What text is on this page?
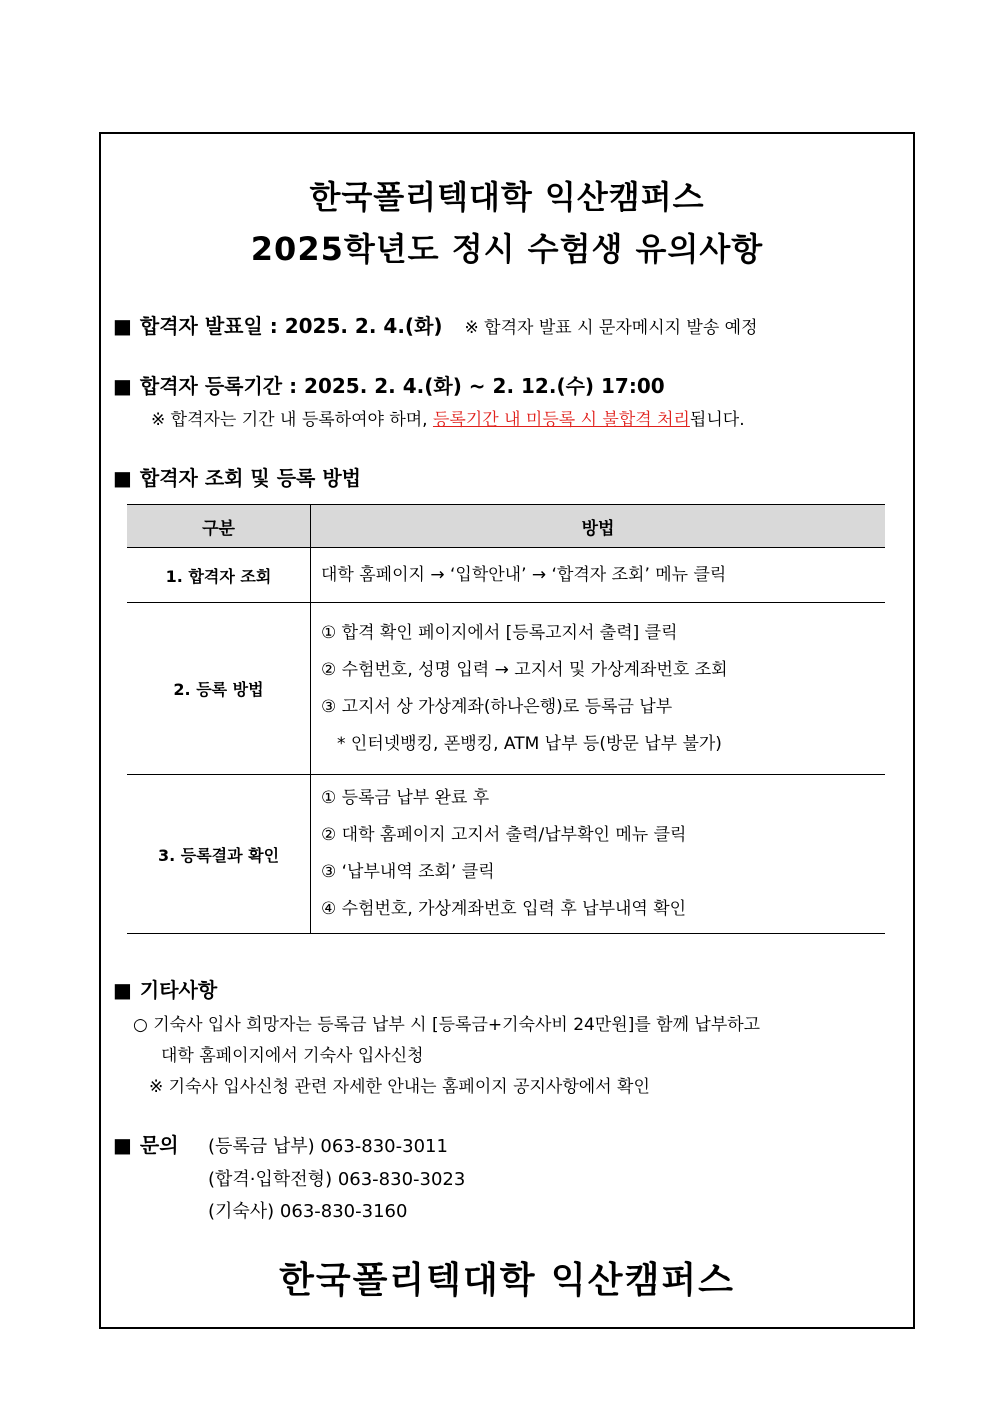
한국폴리텍대학 익산캠퍼스
2025학년도 정시 수험생 유의사항
■ 합격자 발표일 : 2025. 2. 4.(화) ※ 합격자 발표 시 문자메시지 발송 예정
■ 합격자 등록기간 : 2025. 2. 4.(화) ~ 2. 12.(수) 17:00
※ 합격자는 기간 내 등록하여야 하며, 등록기간 내 미등록 시 불합격 처리됩니다.
■ 합격자 조회 및 등록 방법
구분	방법
1. 합격자 조회	대학 홈페이지 → ‘입학안내’ → ‘합격자 조회’ 메뉴 클릭

2. 등록 방법	① 합격 확인 페이지에서 [등록고지서 출력] 클릭
② 수험번호, 성명 입력 → 고지서 및 가상계좌번호 조회
③ 고지서 상 가상계좌(하나은행)로 등록금 납부
* 인터넷뱅킹, 폰뱅킹, ATM 납부 등(방문 납부 불가)

3. 등록결과 확인	① 등록금 납부 완료 후
② 대학 홈페이지 고지서 출력/납부확인 메뉴 클릭
③ ‘납부내역 조회’ 클릭
④ 수험번호, 가상계좌번호 입력 후 납부내역 확인
■ 기타사항
○ 기숙사 입사 희망자는 등록금 납부 시 [등록금+기숙사비 24만원]를 함께 납부하고
대학 홈페이지에서 기숙사 입사신청
※ 기숙사 입사신청 관련 자세한 안내는 홈페이지 공지사항에서 확인
■ 문의 (등록금 납부) 063-830-3011
(합격·입학전형) 063-830-3023
(기숙사) 063-830-3160
한국폴리텍대학 익산캠퍼스
